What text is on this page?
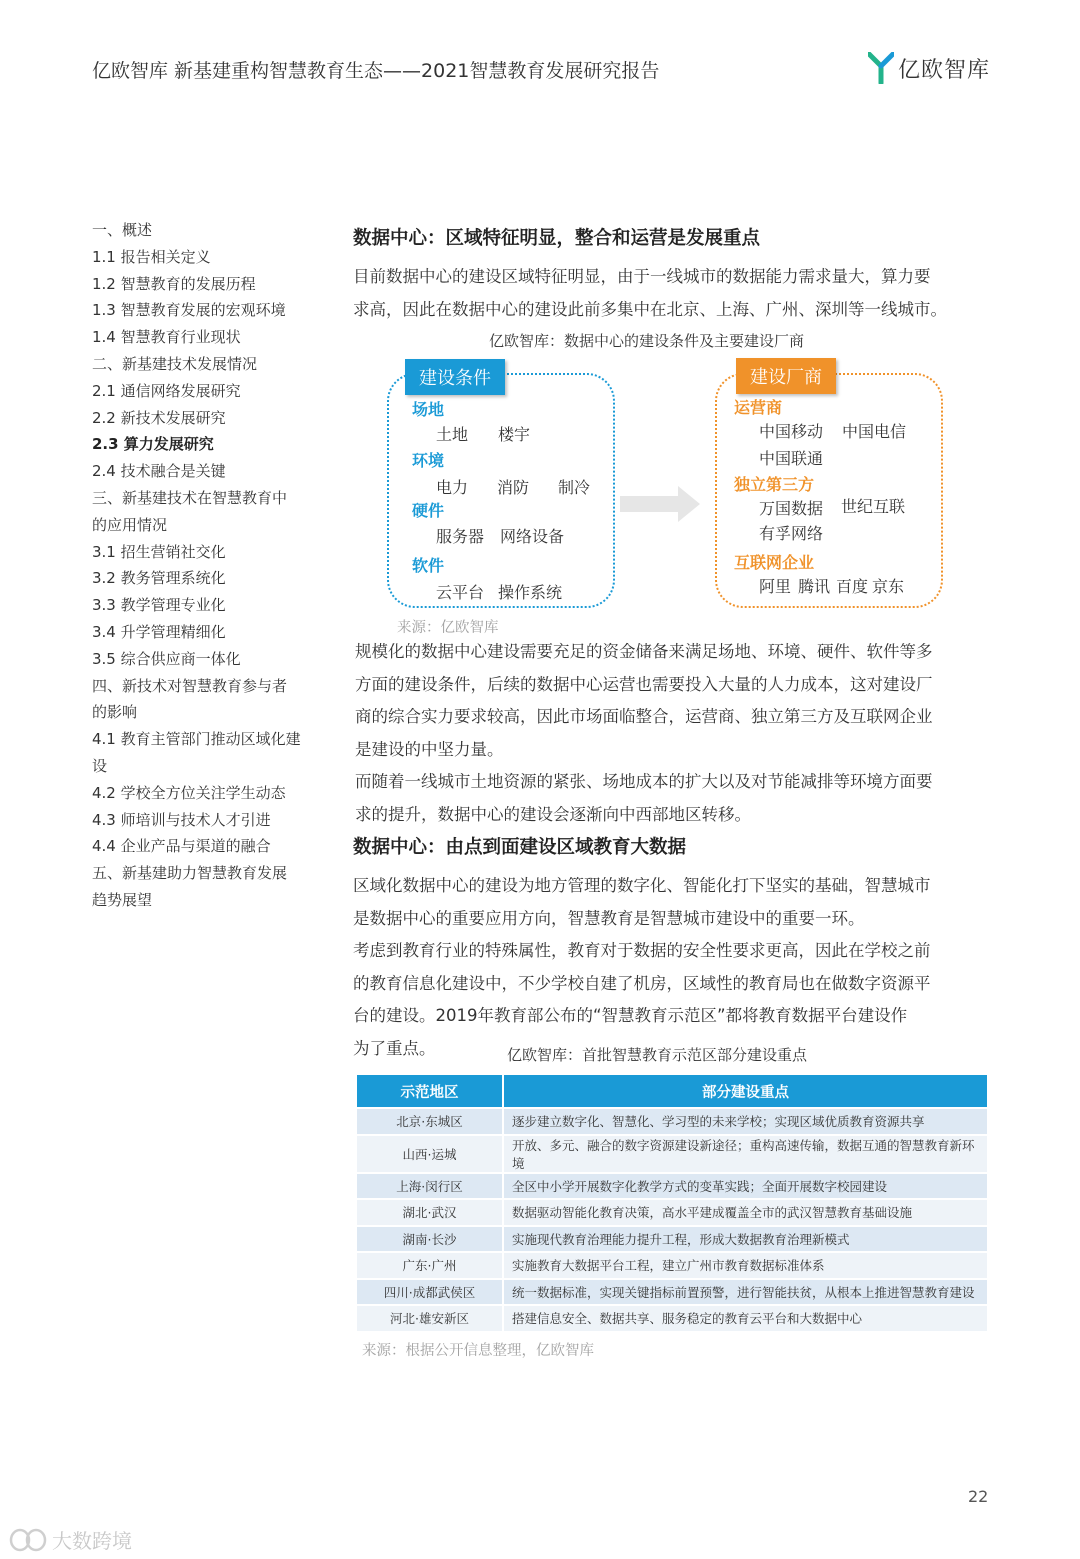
亿欧智库 新基建重构智慧教育生态——2021智慧教育发展研究报告	亿欧智库
一、概述
1.1 报告相关定义
1.2 智慧教育的发展历程
1.3 智慧教育发展的宏观环境
1.4 智慧教育行业现状
二、新基建技术发展情况
2.1 通信网络发展研究
2.2 新技术发展研究
2.3 算力发展研究
2.4 技术融合是关键
三、新基建技术在智慧教育中
的应用情况
3.1 招生营销社交化
3.2 教务管理系统化
3.3 教学管理专业化
3.4 升学管理精细化
3.5 综合供应商一体化
四、新技术对智慧教育参与者
的影响
4.1 教育主管部门推动区域化建
设
4.2 学校全方位关注学生动态
4.3 师培训与技术人才引进
4.4 企业产品与渠道的融合
五、新基建助力智慧教育发展
趋势展望
数据中心：区域特征明显，整合和运营是发展重点
目前数据中心的建设区域特征明显，由于一线城市的数据能力需求量大，算力要
求高，因此在数据中心的建设此前多集中在北京、上海、广州、深圳等一线城市。
亿欧智库：数据中心的建设条件及主要建设厂商
建设条件
场地
土地 楼宇
环境
电力 消防 制冷
硬件
服务器 网络设备
软件
云平台 操作系统
建设厂商
运营商
中国移动 中国电信
中国联通
独立第三方
万国数据 世纪互联
有孚网络
互联网企业
阿里 腾讯 百度 京东
来源：亿欧智库
规模化的数据中心建设需要充足的资金储备来满足场地、环境、硬件、软件等多
方面的建设条件，后续的数据中心运营也需要投入大量的人力成本，这对建设厂
商的综合实力要求较高，因此市场面临整合，运营商、独立第三方及互联网企业
是建设的中坚力量。
而随着一线城市土地资源的紧张、场地成本的扩大以及对节能减排等环境方面要
求的提升，数据中心的建设会逐渐向中西部地区转移。
数据中心：由点到面建设区域教育大数据
区域化数据中心的建设为地方管理的数字化、智能化打下坚实的基础，智慧城市
是数据中心的重要应用方向，智慧教育是智慧城市建设中的重要一环。
考虑到教育行业的特殊属性，教育对于数据的安全性要求更高，因此在学校之前
的教育信息化建设中，不少学校自建了机房，区域性的教育局也在做数字资源平
台的建设。2019年教育部公布的“智慧教育示范区”都将教育数据平台建设作
为了重点。	亿欧智库：首批智慧教育示范区部分建设重点
示范地区	部分建设重点
北京·东城区	逐步建立数字化、智慧化、学习型的未来学校；实现区域优质教育资源共享
山西·运城	开放、多元、融合的数字资源建设新途径；重构高速传输，数据互通的智慧教育新环境
上海·闵行区	全区中小学开展数字化教学方式的变革实践；全面开展数字校园建设
湖北·武汉	数据驱动智能化教育决策，高水平建成覆盖全市的武汉智慧教育基础设施
湖南·长沙	实施现代教育治理能力提升工程，形成大数据教育治理新模式
广东·广州	实施教育大数据平台工程，建立广州市教育数据标准体系
四川·成都武侯区	统一数据标准，实现关键指标前置预警，进行智能扶贫，从根本上推进智慧教育建设
河北·雄安新区	搭建信息安全、数据共享、服务稳定的教育云平台和大数据中心
来源：根据公开信息整理，亿欧智库
22
大数跨境
